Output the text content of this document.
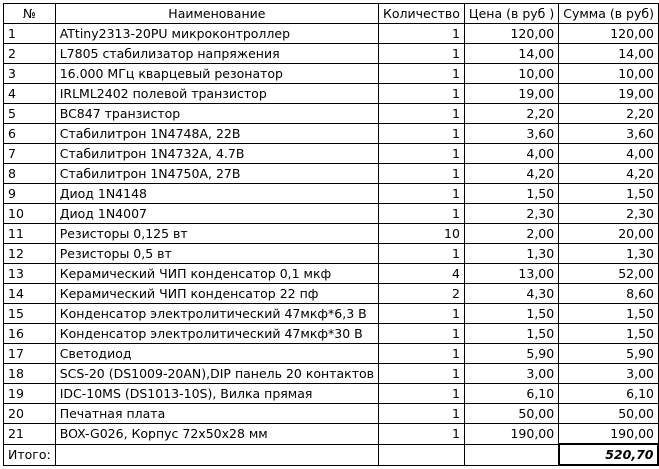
№	Наименование	Количество	Цена (в руб )	Сумма (в руб)
1	ATtiny2313-20PU микроконтроллер	1	120,00	120,00
2	L7805 стабилизатор напряжения	1	14,00	14,00
3	16.000 МГц кварцевый резонатор	1	10,00	10,00
4	IRLML2402 полевой транзистор	1	19,00	19,00
5	BC847 транзистор	1	2,20	2,20
6	Стабилитрон 1N4748A, 22В	1	3,60	3,60
7	Стабилитрон 1N4732A, 4.7В	1	4,00	4,00
8	Стабилитрон 1N4750A, 27В	1	4,20	4,20
9	Диод 1N4148	1	1,50	1,50
10	Диод 1N4007	1	2,30	2,30
11	Резисторы 0,125 вт	10	2,00	20,00
12	Резисторы 0,5 вт	1	1,30	1,30
13	Керамический ЧИП конденсатор 0,1 мкф	4	13,00	52,00
14	Керамический ЧИП конденсатор 22 пф	2	4,30	8,60
15	Конденсатор электролитический 47мкф*6,3 В	1	1,50	1,50
16	Конденсатор электролитический 47мкф*30 В	1	1,50	1,50
17	Светодиод	1	5,90	5,90
18	SCS-20 (DS1009-20AN),DIP панель 20 контактов	1	3,00	3,00
19	IDC-10MS (DS1013-10S), Вилка прямая	1	6,10	6,10
20	Печатная плата	1	50,00	50,00
21	BOX-G026, Корпус 72x50x28 мм	1	190,00	190,00
Итого:				520,70
